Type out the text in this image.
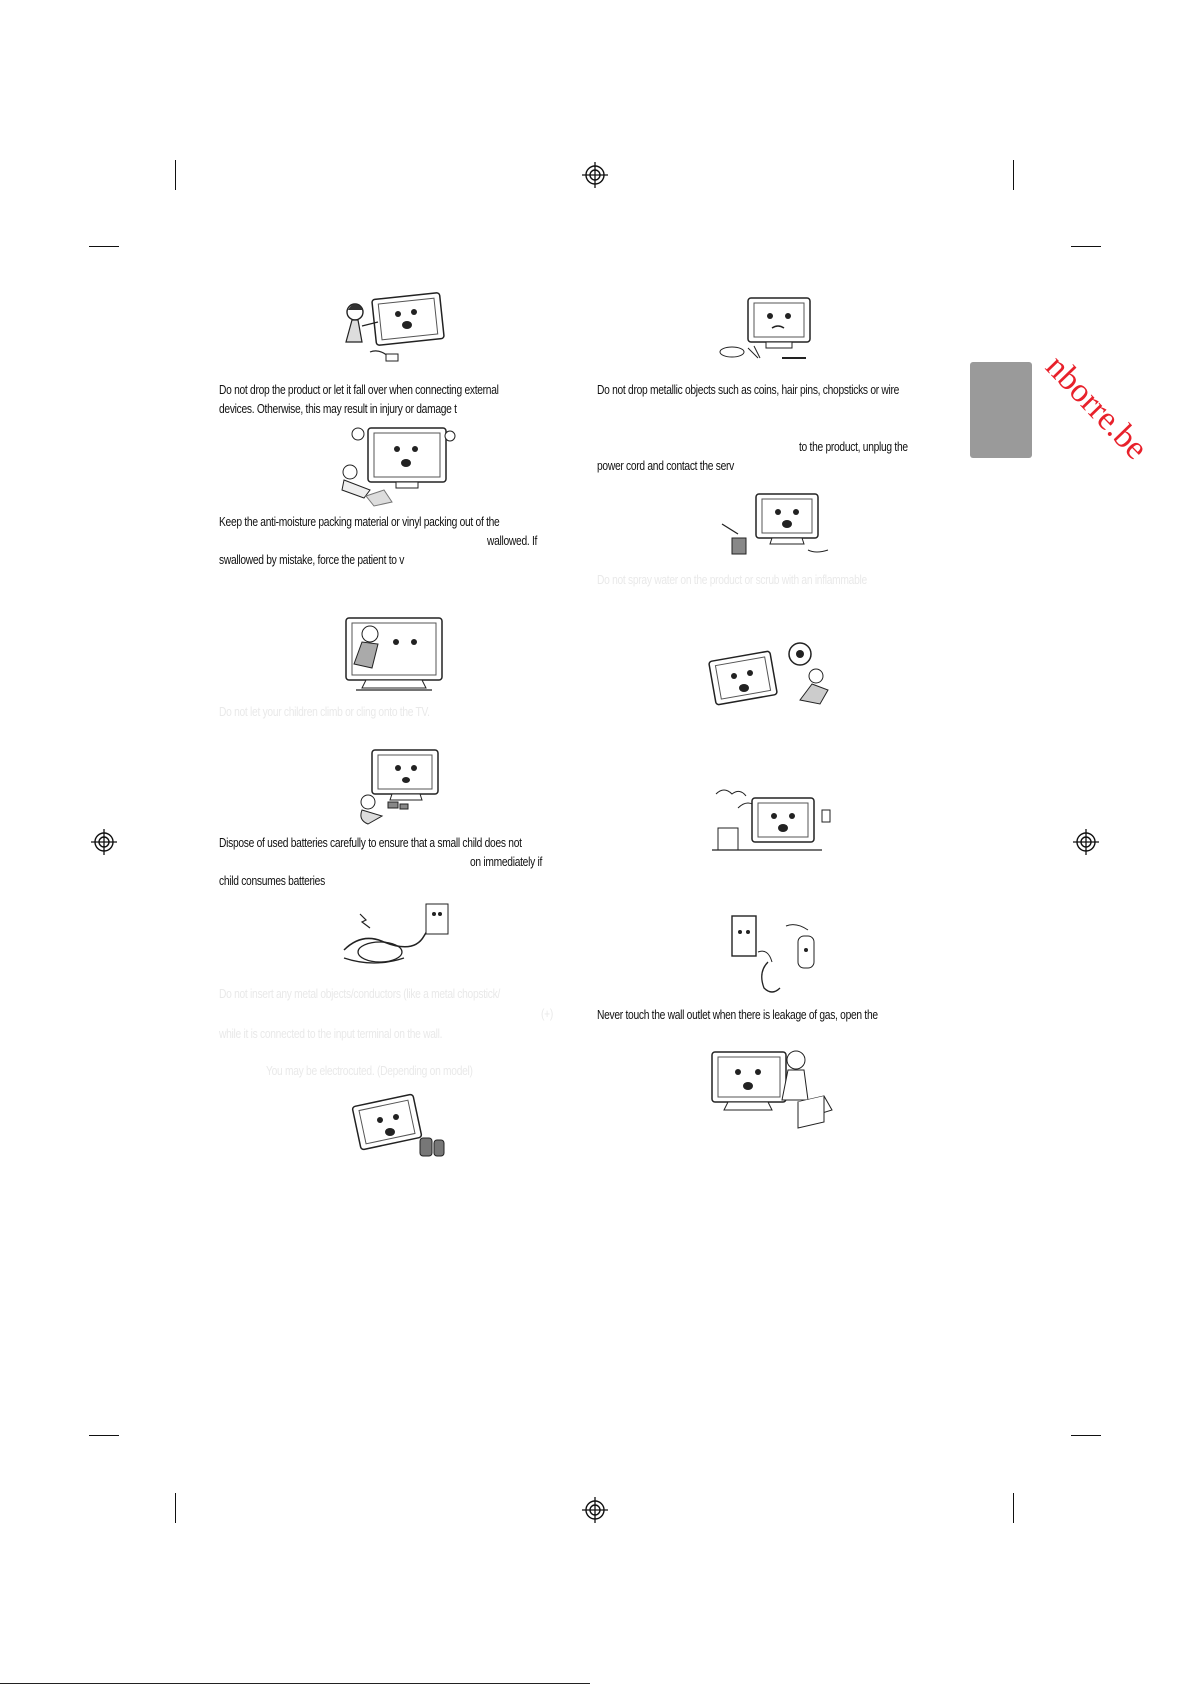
nborre.be
Do not drop the product or let it fall over when connecting external
devices. Otherwise, this may result in injury or damage t
Keep the anti-moisture packing material or vinyl packing out of the
wallowed. If
swallowed by mistake, force the patient to v
Do not let your children climb or cling onto the TV.
Dispose of used batteries carefully to ensure that a small child does not
on immediately if
child consumes batteries
Do not insert any metal objects/conductors (like a metal chopstick/
(+)
while it is connected to the input terminal on the wall.
You may be electrocuted. (Depending on model)
Do not drop metallic objects such as coins, hair pins, chopsticks or wire
to the product, unplug the
power cord and contact the serv
Do not spray water on the product or scrub with an inflammable
Never touch the wall outlet when there is leakage of gas, open the
